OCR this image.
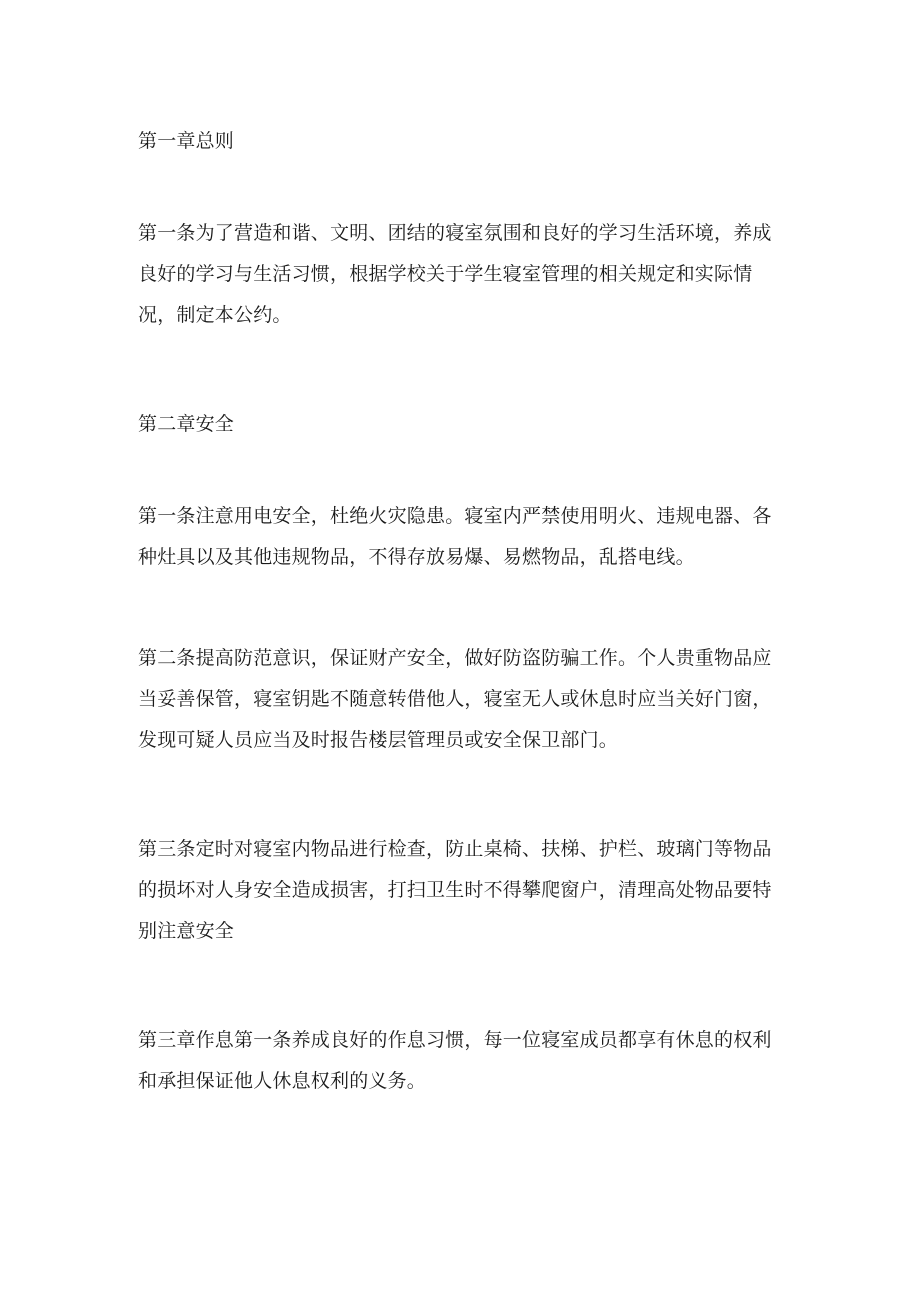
第一章总则

第一条为了营造和谐、文明、团结的寝室氛围和良好的学习生活环境，养成良好的学习与生活习惯，根据学校关于学生寝室管理的相关规定和实际情况，制定本公约。

第二章安全

第一条注意用电安全，杜绝火灾隐患。寝室内严禁使用明火、违规电器、各种灶具以及其他违规物品，不得存放易爆、易燃物品，乱搭电线。

第二条提高防范意识，保证财产安全，做好防盗防骗工作。个人贵重物品应当妥善保管，寝室钥匙不随意转借他人，寝室无人或休息时应当关好门窗，发现可疑人员应当及时报告楼层管理员或安全保卫部门。

第三条定时对寝室内物品进行检查，防止桌椅、扶梯、护栏、玻璃门等物品的损坏对人身安全造成损害，打扫卫生时不得攀爬窗户，清理高处物品要特别注意安全

第三章作息第一条养成良好的作息习惯，每一位寝室成员都享有休息的权利和承担保证他人休息权利的义务。
